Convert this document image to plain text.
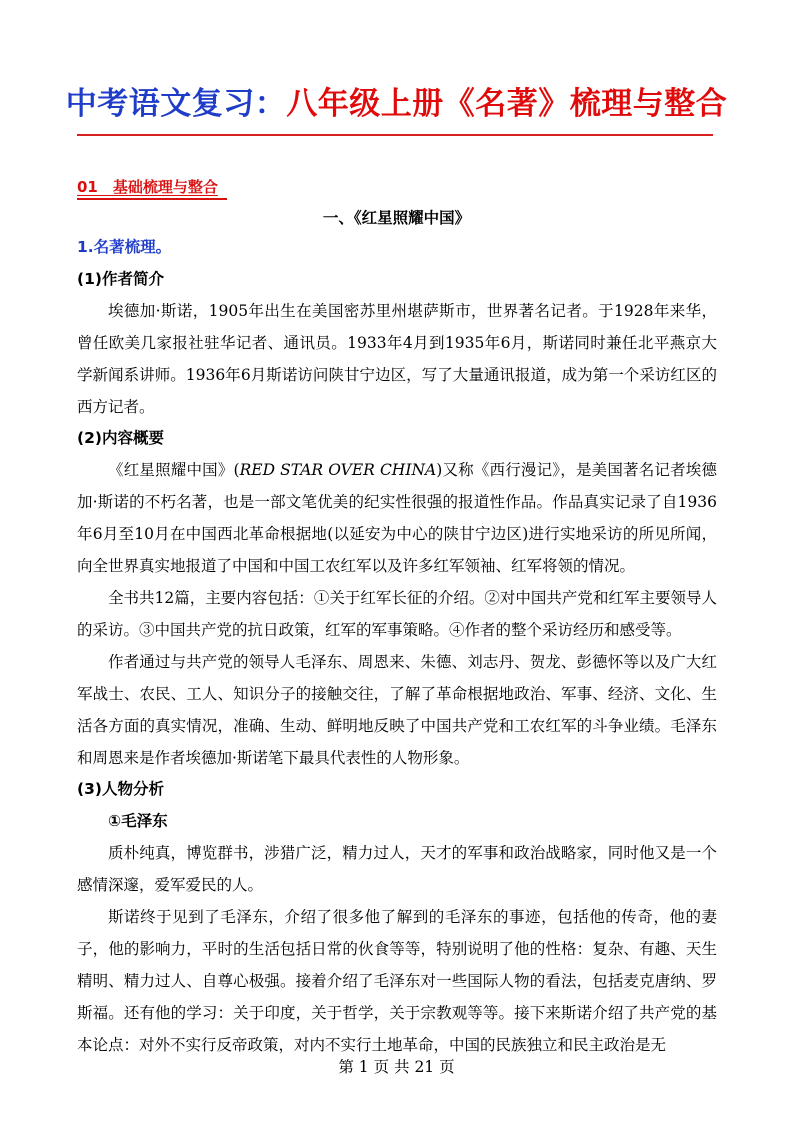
中考语文复习：八年级上册《名著》梳理与整合
01　基础梳理与整合
一、《红星照耀中国》

1.名著梳理。

(1)作者简介

埃德加·斯诺，1905年出生在美国密苏里州堪萨斯市，世界著名记者。于1928年来华，曾任欧美几家报社驻华记者、通讯员。1933年4月到1935年6月，斯诺同时兼任北平燕京大学新闻系讲师。1936年6月斯诺访问陕甘宁边区，写了大量通讯报道，成为第一个采访红区的西方记者。

(2)内容概要

《红星照耀中国》(RED STAR OVER CHINA)又称《西行漫记》，是美国著名记者埃德加·斯诺的不朽名著，也是一部文笔优美的纪实性很强的报道性作品。作品真实记录了自1936年6月至10月在中国西北革命根据地(以延安为中心的陕甘宁边区)进行实地采访的所见所闻，向全世界真实地报道了中国和中国工农红军以及许多红军领袖、红军将领的情况。

全书共12篇，主要内容包括：①关于红军长征的介绍。②对中国共产党和红军主要领导人的采访。③中国共产党的抗日政策，红军的军事策略。④作者的整个采访经历和感受等。

作者通过与共产党的领导人毛泽东、周恩来、朱德、刘志丹、贺龙、彭德怀等以及广大红军战士、农民、工人、知识分子的接触交往，了解了革命根据地政治、军事、经济、文化、生活各方面的真实情况，准确、生动、鲜明地反映了中国共产党和工农红军的斗争业绩。毛泽东和周恩来是作者埃德加·斯诺笔下最具代表性的人物形象。

(3)人物分析

①毛泽东

质朴纯真，博览群书，涉猎广泛，精力过人，天才的军事和政治战略家，同时他又是一个感情深邃，爱军爱民的人。

斯诺终于见到了毛泽东，介绍了很多他了解到的毛泽东的事迹，包括他的传奇，他的妻子，他的影响力，平时的生活包括日常的伙食等等，特别说明了他的性格：复杂、有趣、天生精明、精力过人、自尊心极强。接着介绍了毛泽东对一些国际人物的看法，包括麦克唐纳、罗斯福。还有他的学习：关于印度，关于哲学，关于宗教观等等。接下来斯诺介绍了共产党的基本论点：对外不实行反帝政策，对内不实行土地革命，中国的民族独立和民主政治是无

第 1 页 共 21 页
